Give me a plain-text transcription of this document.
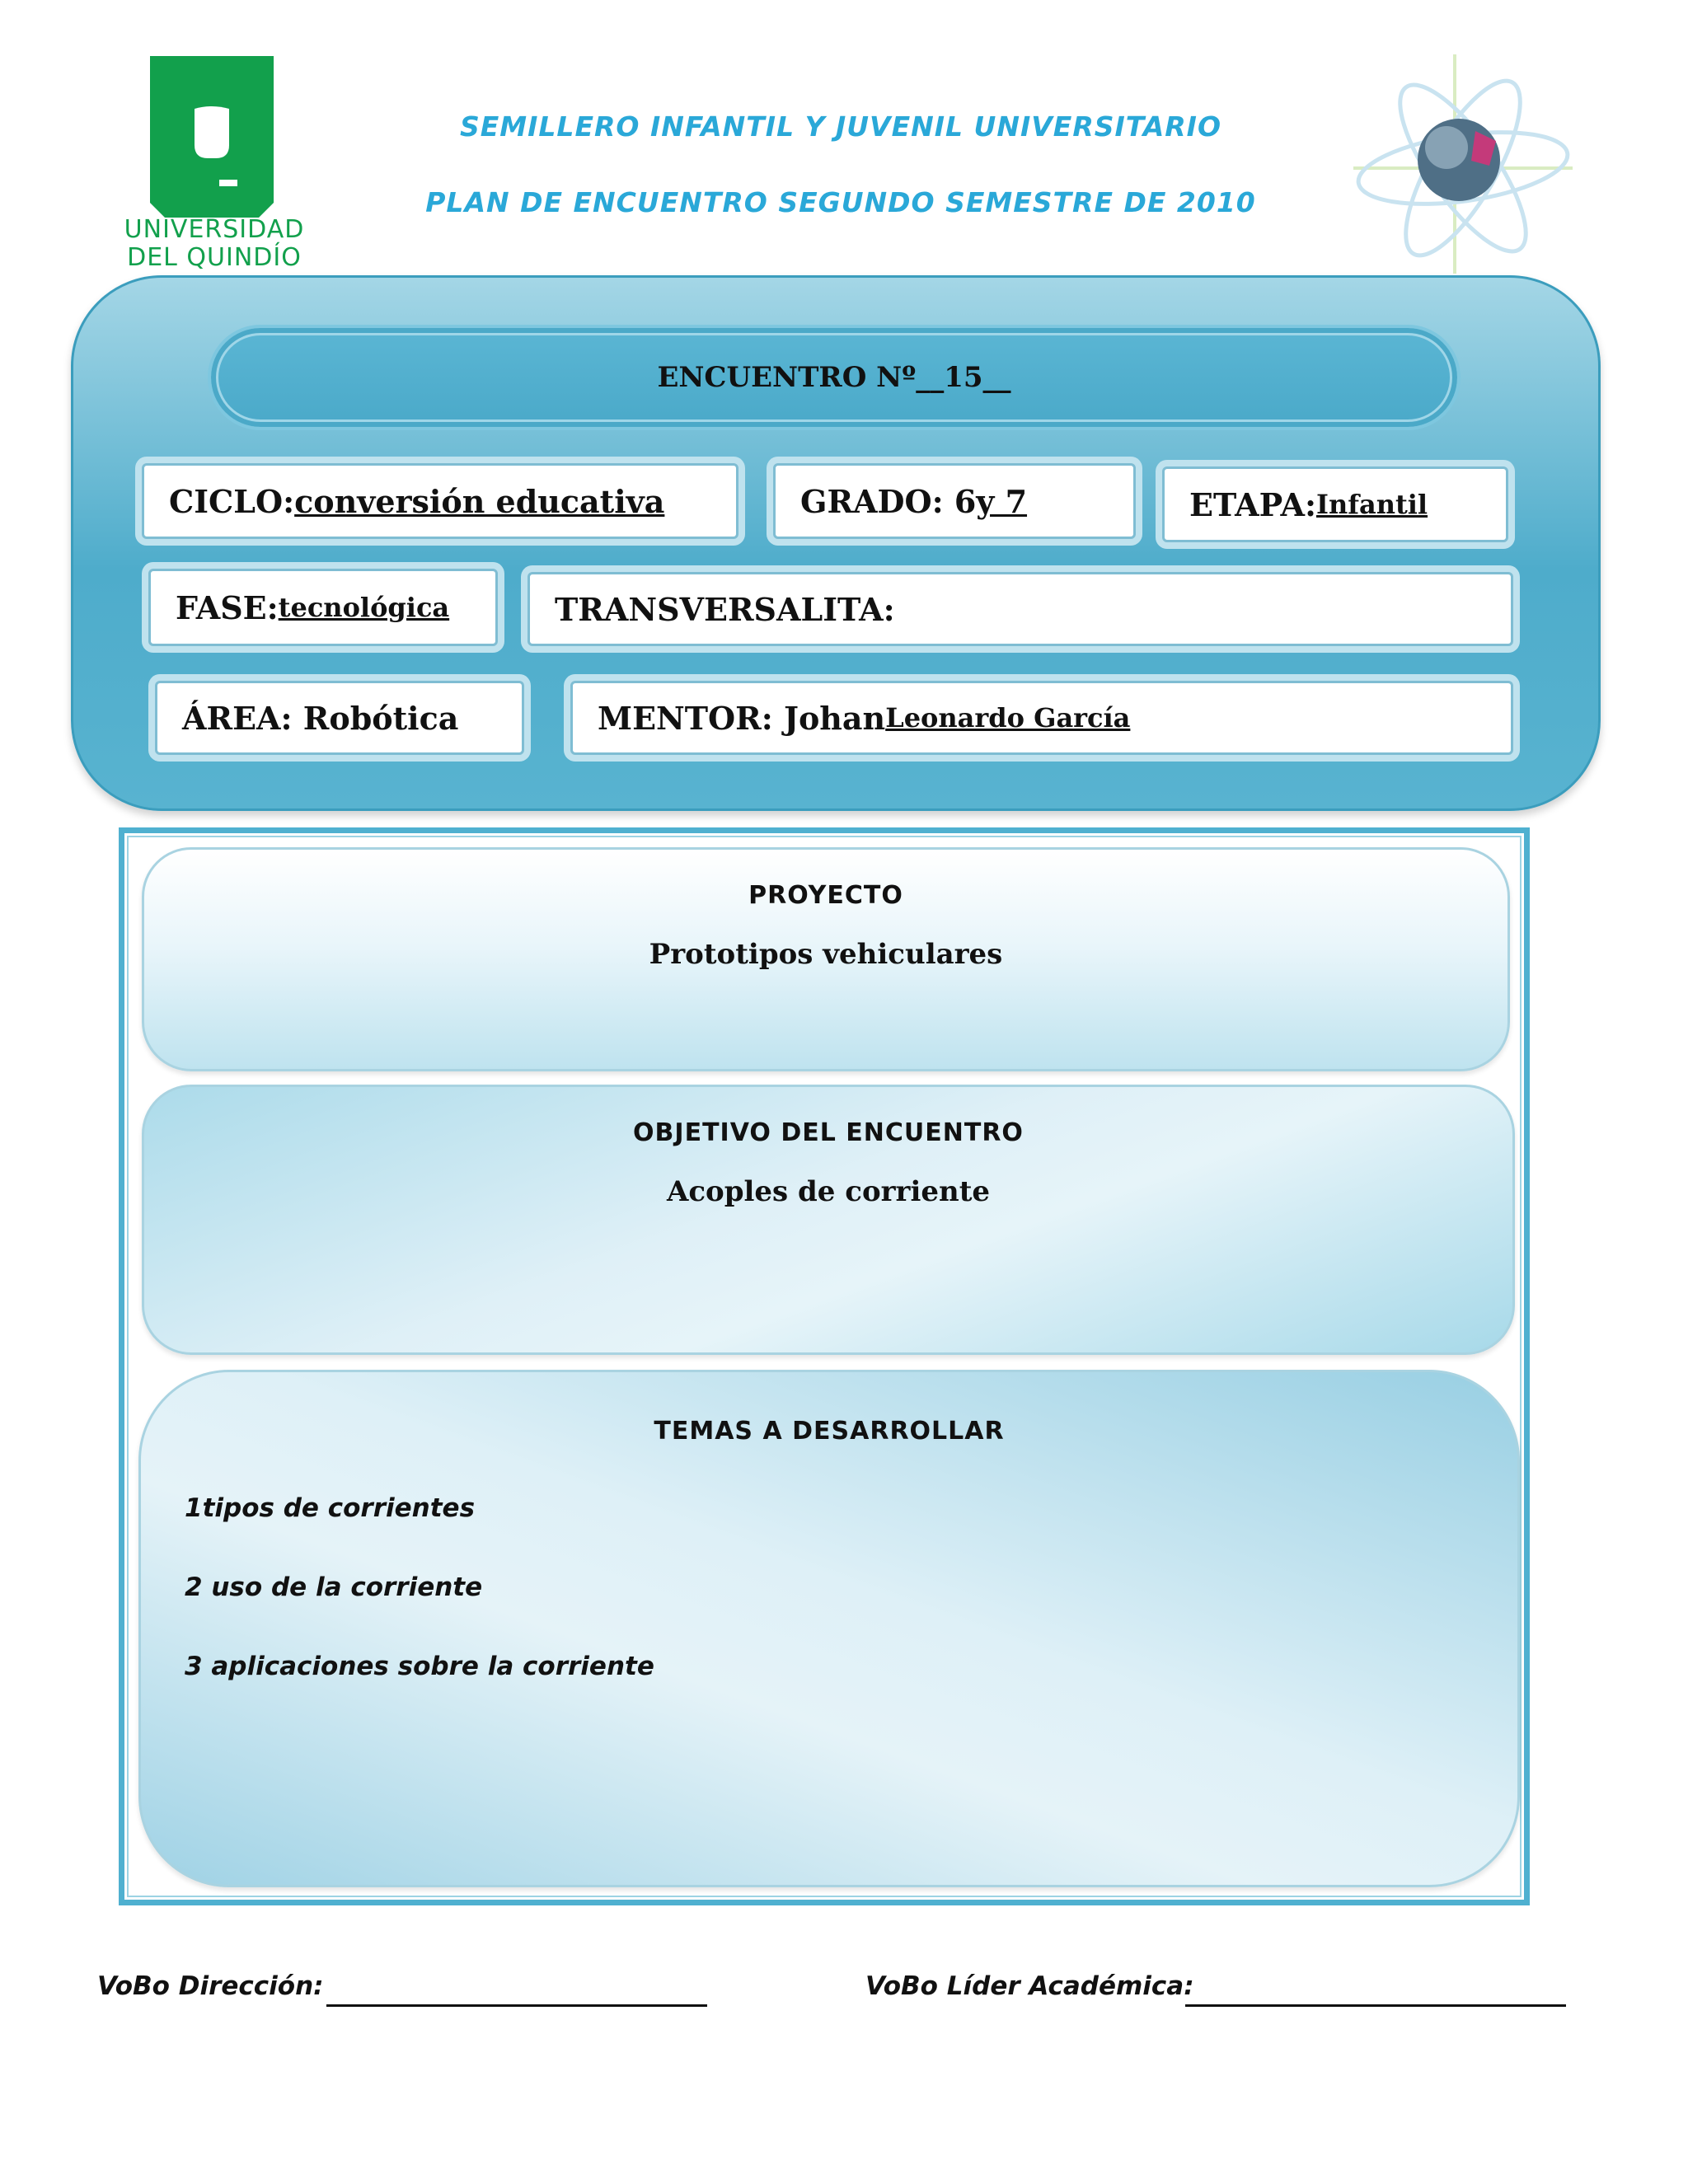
UNIVERSIDAD
DEL QUINDÍO
SEMILLERO INFANTIL Y JUVENIL UNIVERSITARIO
PLAN DE ENCUENTRO SEGUNDO SEMESTRE DE 2010
ENCUENTRO Nº __15__
CICLO: conversión educativa	GRADO: 6 y 7	ETAPA: Infantil
FASE: tecnológica	TRANSVERSALITA:
ÁREA: Robótica	MENTOR: Johan Leonardo García
PROYECTO
Prototipos vehiculares
OBJETIVO DEL ENCUENTRO
Acoples de corriente
TEMAS A DESARROLLAR
1tipos de corrientes
2 uso de la corriente
3 aplicaciones sobre la corriente
VoBo Dirección:	VoBo Líder Académica:
